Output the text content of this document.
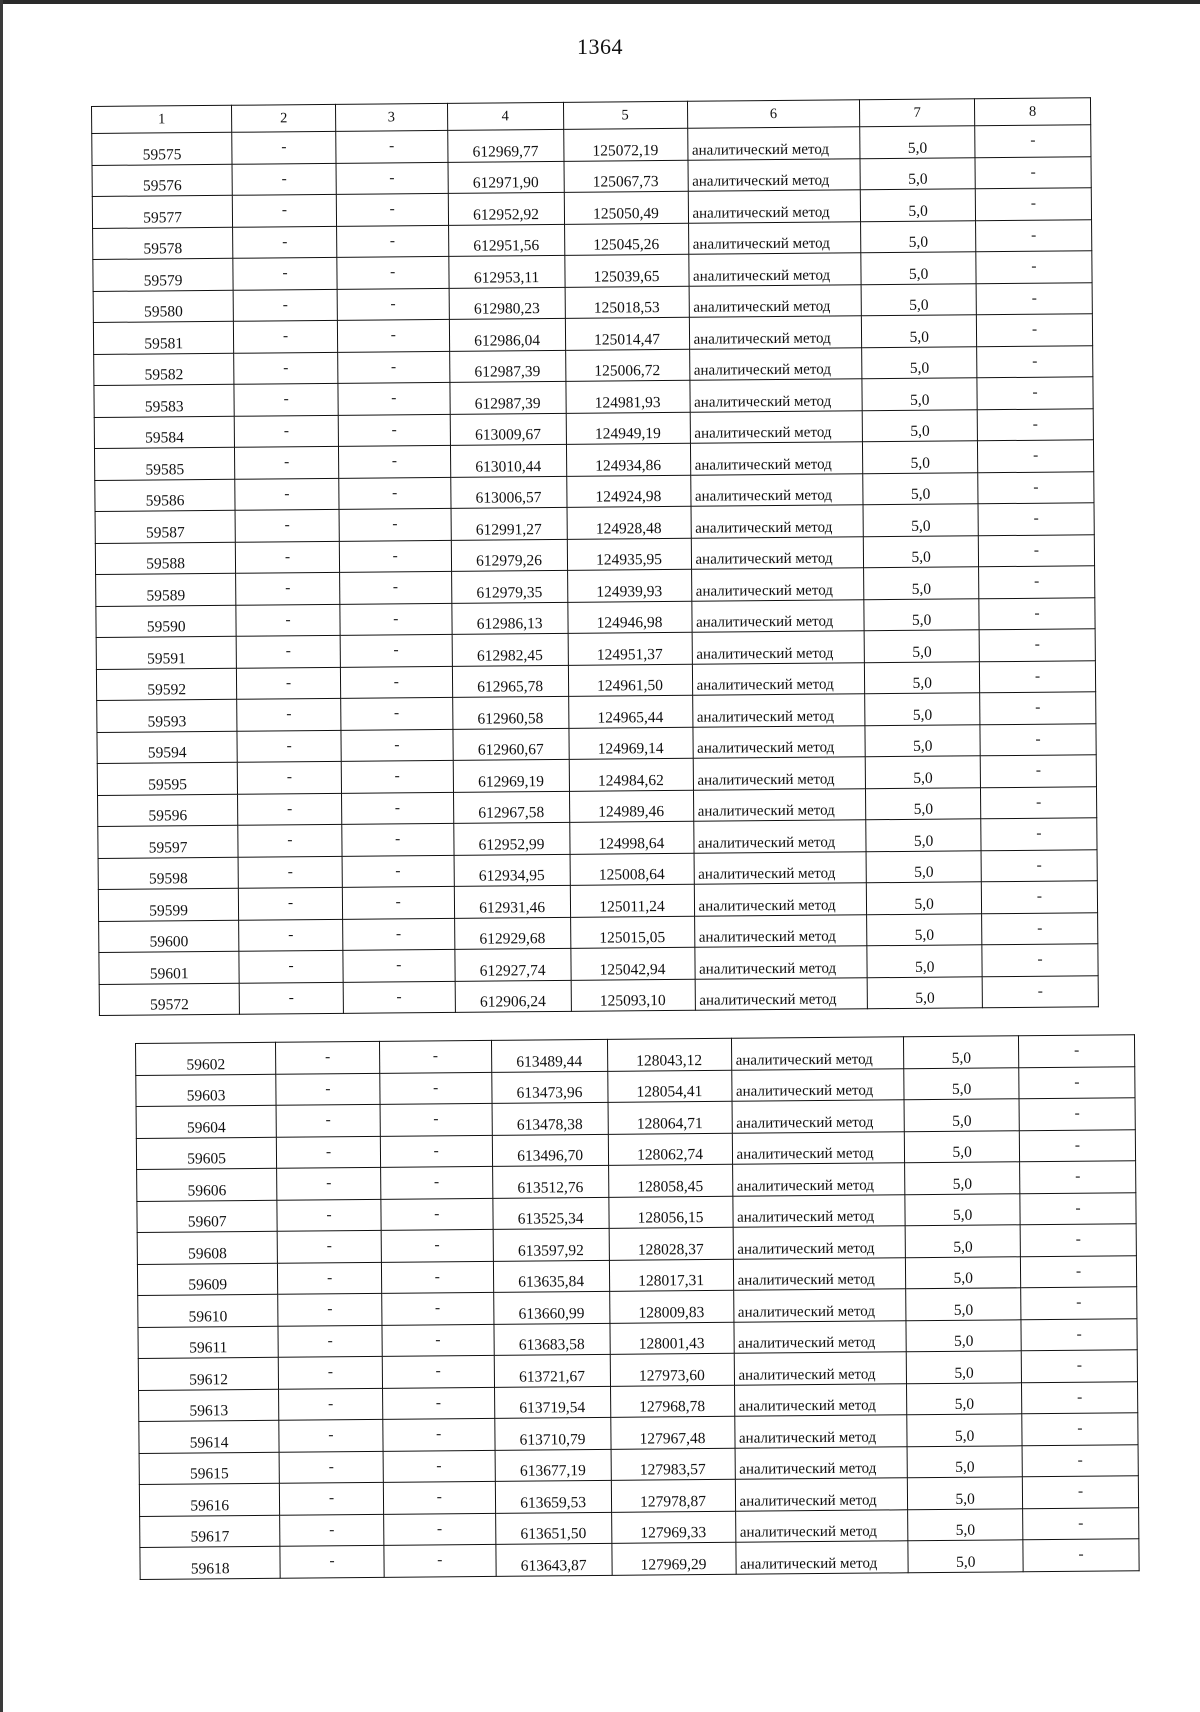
1364
1	2	3	4	5	6	7	8
59575	-	-	612969,77	125072,19	аналитический метод	5,0	-
59576	-	-	612971,90	125067,73	аналитический метод	5,0	-
59577	-	-	612952,92	125050,49	аналитический метод	5,0	-
59578	-	-	612951,56	125045,26	аналитический метод	5,0	-
59579	-	-	612953,11	125039,65	аналитический метод	5,0	-
59580	-	-	612980,23	125018,53	аналитический метод	5,0	-
59581	-	-	612986,04	125014,47	аналитический метод	5,0	-
59582	-	-	612987,39	125006,72	аналитический метод	5,0	-
59583	-	-	612987,39	124981,93	аналитический метод	5,0	-
59584	-	-	613009,67	124949,19	аналитический метод	5,0	-
59585	-	-	613010,44	124934,86	аналитический метод	5,0	-
59586	-	-	613006,57	124924,98	аналитический метод	5,0	-
59587	-	-	612991,27	124928,48	аналитический метод	5,0	-
59588	-	-	612979,26	124935,95	аналитический метод	5,0	-
59589	-	-	612979,35	124939,93	аналитический метод	5,0	-
59590	-	-	612986,13	124946,98	аналитический метод	5,0	-
59591	-	-	612982,45	124951,37	аналитический метод	5,0	-
59592	-	-	612965,78	124961,50	аналитический метод	5,0	-
59593	-	-	612960,58	124965,44	аналитический метод	5,0	-
59594	-	-	612960,67	124969,14	аналитический метод	5,0	-
59595	-	-	612969,19	124984,62	аналитический метод	5,0	-
59596	-	-	612967,58	124989,46	аналитический метод	5,0	-
59597	-	-	612952,99	124998,64	аналитический метод	5,0	-
59598	-	-	612934,95	125008,64	аналитический метод	5,0	-
59599	-	-	612931,46	125011,24	аналитический метод	5,0	-
59600	-	-	612929,68	125015,05	аналитический метод	5,0	-
59601	-	-	612927,74	125042,94	аналитический метод	5,0	-
59572	-	-	612906,24	125093,10	аналитический метод	5,0	-
59602	-	-	613489,44	128043,12	аналитический метод	5,0	-
59603	-	-	613473,96	128054,41	аналитический метод	5,0	-
59604	-	-	613478,38	128064,71	аналитический метод	5,0	-
59605	-	-	613496,70	128062,74	аналитический метод	5,0	-
59606	-	-	613512,76	128058,45	аналитический метод	5,0	-
59607	-	-	613525,34	128056,15	аналитический метод	5,0	-
59608	-	-	613597,92	128028,37	аналитический метод	5,0	-
59609	-	-	613635,84	128017,31	аналитический метод	5,0	-
59610	-	-	613660,99	128009,83	аналитический метод	5,0	-
59611	-	-	613683,58	128001,43	аналитический метод	5,0	-
59612	-	-	613721,67	127973,60	аналитический метод	5,0	-
59613	-	-	613719,54	127968,78	аналитический метод	5,0	-
59614	-	-	613710,79	127967,48	аналитический метод	5,0	-
59615	-	-	613677,19	127983,57	аналитический метод	5,0	-
59616	-	-	613659,53	127978,87	аналитический метод	5,0	-
59617	-	-	613651,50	127969,33	аналитический метод	5,0	-
59618	-	-	613643,87	127969,29	аналитический метод	5,0	-
